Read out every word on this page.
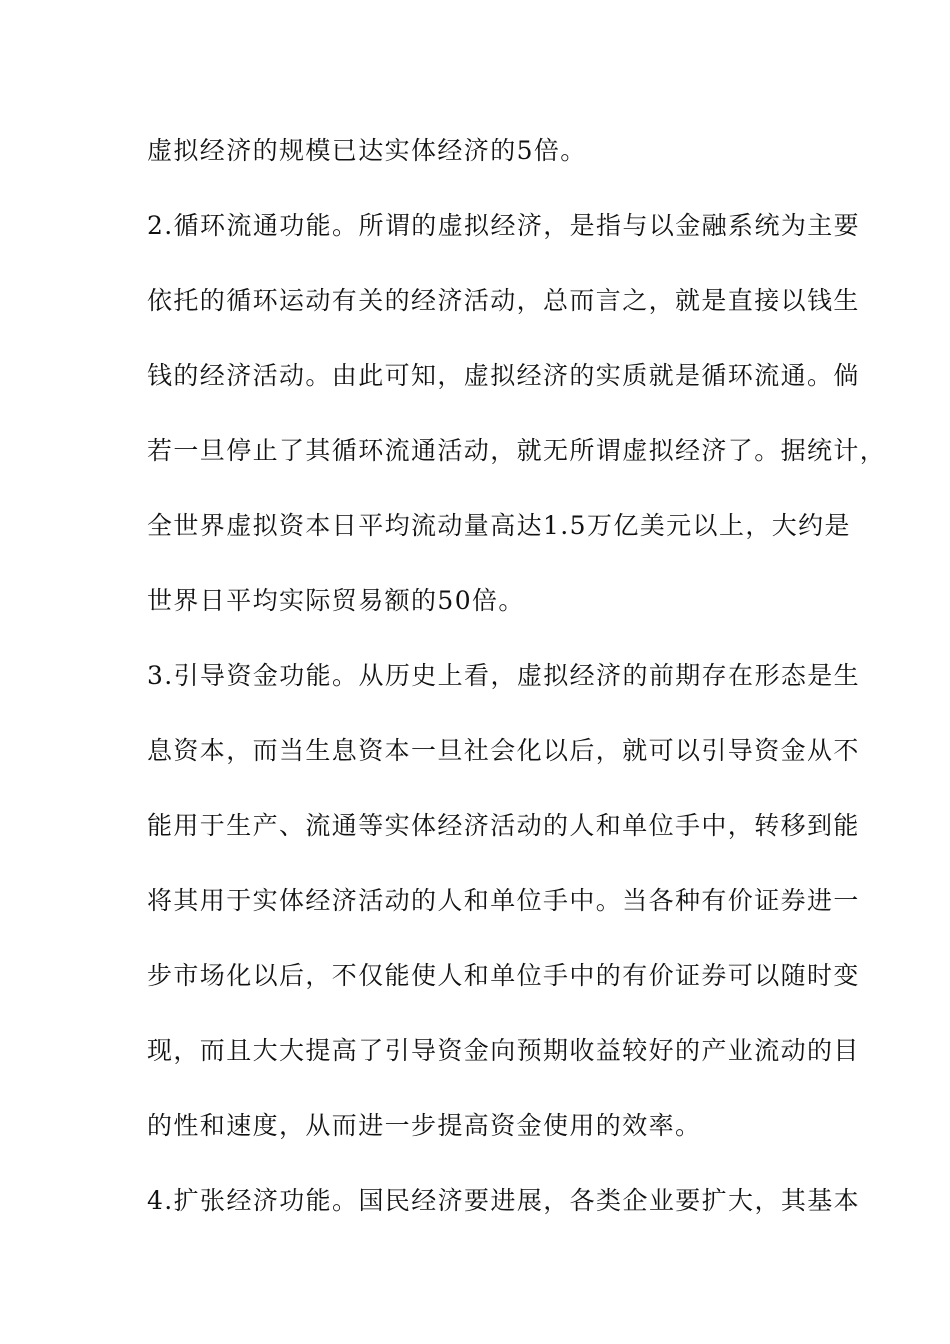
虚拟经济的规模已达实体经济的5倍。
2.循环流通功能。所谓的虚拟经济，是指与以金融系统为主要
依托的循环运动有关的经济活动，总而言之，就是直接以钱生
钱的经济活动。由此可知，虚拟经济的实质就是循环流通。倘
若一旦停止了其循环流通活动，就无所谓虚拟经济了。据统计，
全世界虚拟资本日平均流动量高达1.5万亿美元以上，大约是
世界日平均实际贸易额的50倍。
3.引导资金功能。从历史上看，虚拟经济的前期存在形态是生
息资本，而当生息资本一旦社会化以后，就可以引导资金从不
能用于生产、流通等实体经济活动的人和单位手中，转移到能
将其用于实体经济活动的人和单位手中。当各种有价证券进一
步市场化以后，不仅能使人和单位手中的有价证券可以随时变
现，而且大大提高了引导资金向预期收益较好的产业流动的目
的性和速度，从而进一步提高资金使用的效率。
4.扩张经济功能。国民经济要进展，各类企业要扩大，其基本
